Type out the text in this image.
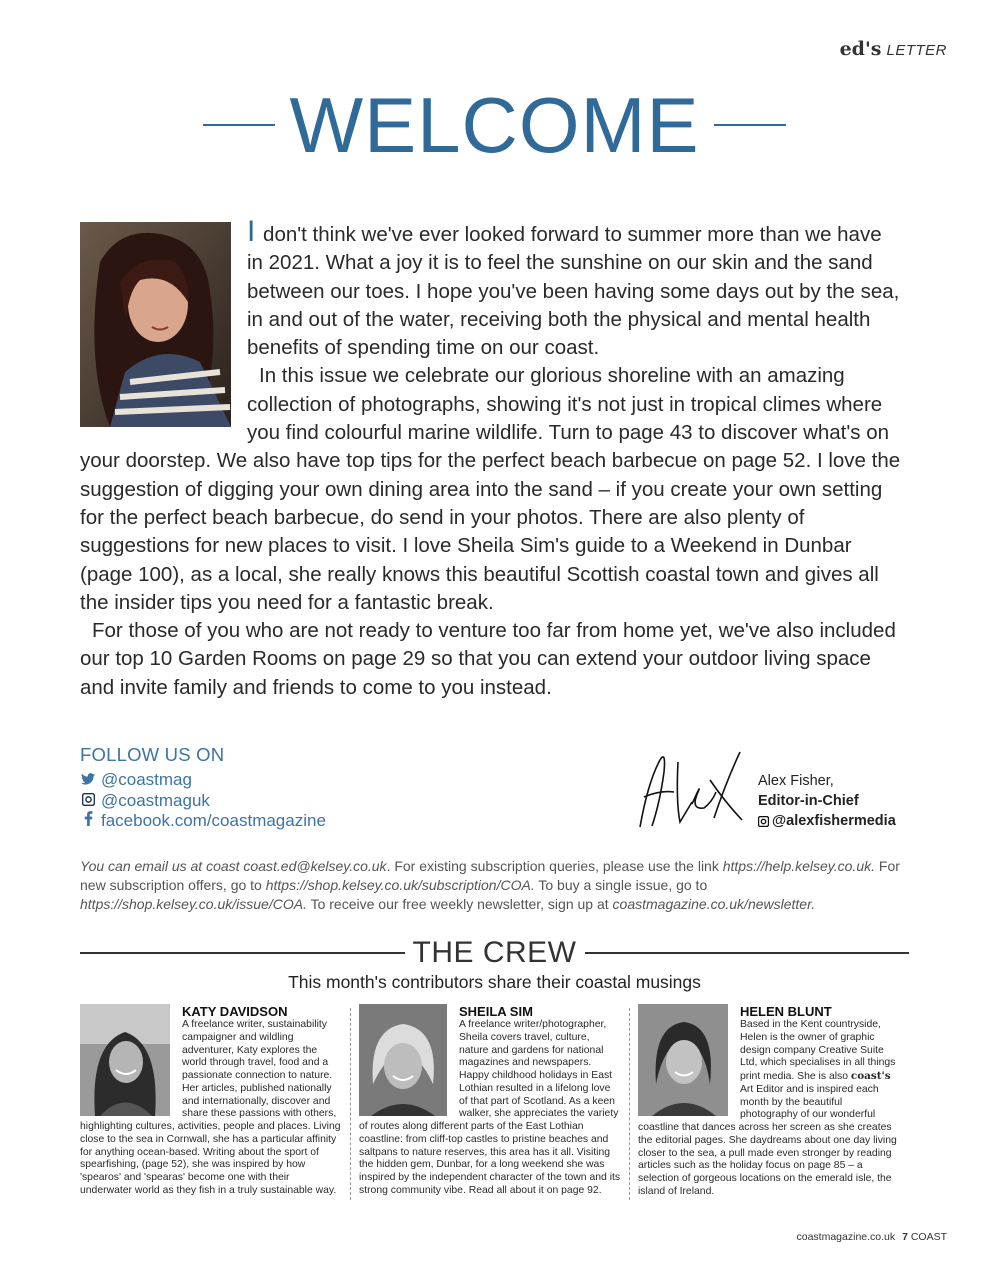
ed's LETTER
WELCOME

I don't think we've ever looked forward to summer more than we have in 2021. What a joy it is to feel the sunshine on our skin and the sand between our toes. I hope you've been having some days out by the sea, in and out of the water, receiving both the physical and mental health benefits of spending time on our coast.

In this issue we celebrate our glorious shoreline with an amazing collection of photographs, showing it's not just in tropical climes where you find colourful marine wildlife. Turn to page 43 to discover what's on your doorstep. We also have top tips for the perfect beach barbecue on page 52. I love the suggestion of digging your own dining area into the sand – if you create your own setting for the perfect beach barbecue, do send in your photos. There are also plenty of suggestions for new places to visit. I love Sheila Sim's guide to a Weekend in Dunbar (page 100), as a local, she really knows this beautiful Scottish coastal town and gives all the insider tips you need for a fantastic break.

For those of you who are not ready to venture too far from home yet, we've also included our top 10 Garden Rooms on page 29 so that you can extend your outdoor living space and invite family and friends to come to you instead.

FOLLOW US ON
@coastmag
@coastmaguk
facebook.com/coastmagazine
Alex Fisher,
Editor-in-Chief
@alexfishermedia
You can email us at coast coast.ed@kelsey.co.uk. For existing subscription queries, please use the link https://help.kelsey.co.uk. For new subscription offers, go to https://shop.kelsey.co.uk/subscription/COA. To buy a single issue, go to https://shop.kelsey.co.uk/issue/COA. To receive our free weekly newsletter, sign up at coastmagazine.co.uk/newsletter.
THE CREW
This month's contributors share their coastal musings
KATY DAVIDSON

A freelance writer, sustainability campaigner and wildling adventurer, Katy explores the world through travel, food and a passionate connection to nature. Her articles, published nationally and internationally, discover and share these passions with others, highlighting cultures, activities, people and places. Living close to the sea in Cornwall, she has a particular affinity for anything ocean-based. Writing about the sport of spearfishing, (page 52), she was inspired by how 'spearos' and 'spearas' become one with their underwater world as they fish in a truly sustainable way.

SHEILA SIM

A freelance writer/photographer, Sheila covers travel, culture, nature and gardens for national magazines and newspapers. Happy childhood holidays in East Lothian resulted in a lifelong love of that part of Scotland. As a keen walker, she appreciates the variety of routes along different parts of the East Lothian coastline: from cliff-top castles to pristine beaches and saltpans to nature reserves, this area has it all. Visiting the hidden gem, Dunbar, for a long weekend she was inspired by the independent character of the town and its strong community vibe. Read all about it on page 92.

HELEN BLUNT

Based in the Kent countryside, Helen is the owner of graphic design company Creative Suite Ltd, which specialises in all things print media. She is also coast's Art Editor and is inspired each month by the beautiful photography of our wonderful coastline that dances across her screen as she creates the editorial pages. She daydreams about one day living closer to the sea, a pull made even stronger by reading articles such as the holiday focus on page 85 – a selection of gorgeous locations on the emerald isle, the island of Ireland.

coastmagazine.co.uk 7 COAST
